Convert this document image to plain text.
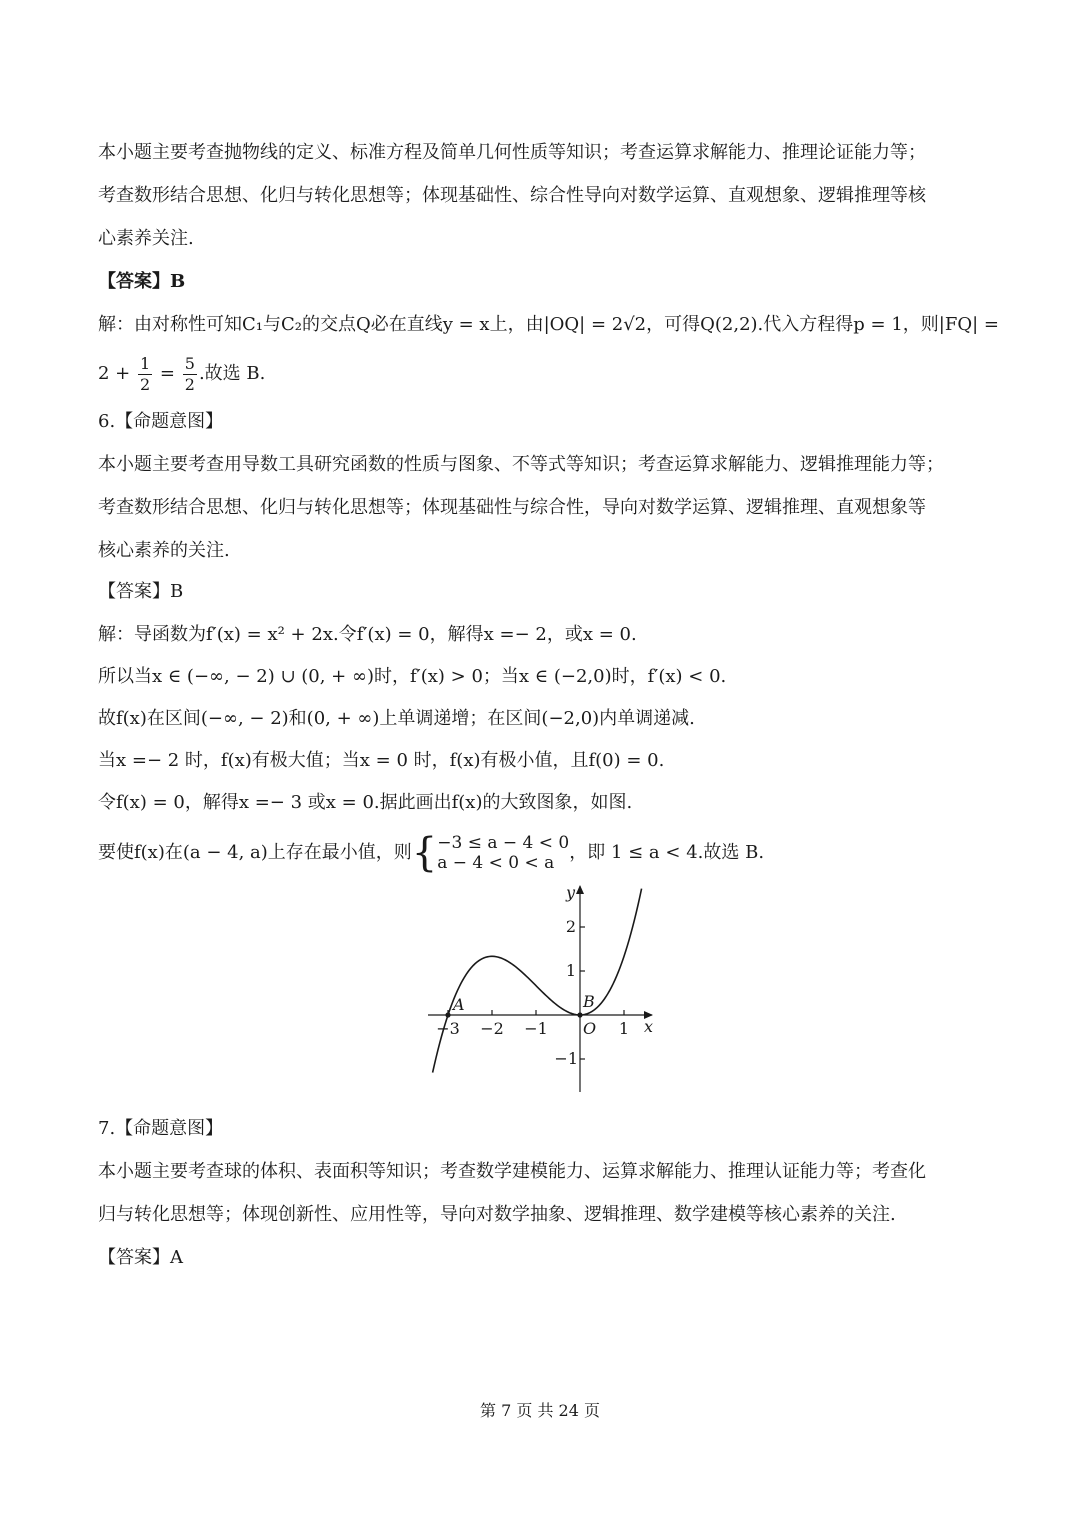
本小题主要考查抛物线的定义、标准方程及简单几何性质等知识；考查运算求解能力、推理论证能力等；

考查数形结合思想、化归与转化思想等；体现基础性、综合性导向对数学运算、直观想象、逻辑推理等核

心素养关注.

【答案】B

解：由对称性可知C₁与C₂的交点Q必在直线y = x上，由|OQ| = 2√2，可得Q(2,2).代入方程得p = 1，则|FQ| =

$2 + \frac{1}{2} = \frac{5}{2}$ .故选 B.

6.【命题意图】

本小题主要考查用导数工具研究函数的性质与图象、不等式等知识；考查运算求解能力、逻辑推理能力等；

考查数形结合思想、化归与转化思想等；体现基础性与综合性，导向对数学运算、逻辑推理、直观想象等

核心素养的关注.

【答案】B

解：导函数为f′(x) = x² + 2x.令f′(x) = 0，解得x =− 2，或x = 0.

所以当x ∈ (−∞, − 2) ∪ (0, + ∞)时，f′(x) > 0；当x ∈ (−2,0)时，f′(x) < 0.

故f(x)在区间(−∞, − 2)和(0, + ∞)上单调递增；在区间(−2,0)内单调递减.

当x =− 2 时，f(x)有极大值；当x = 0 时，f(x)有极小值，且f(0) = 0.

令f(x) = 0，解得x =− 3 或x = 0.据此画出f(x)的大致图象，如图.

要使f(x)在(a − 4, a)上存在最小值，则{ −3 ≤ a − 4 < 0
a − 4 < 0 < a ，即 1 ≤ a < 4.故选 B.

A	B
O	x
y
−3 −2 −1	1
2
1
−1

7.【命题意图】

本小题主要考查球的体积、表面积等知识；考查数学建模能力、运算求解能力、推理认证能力等；考查化

归与转化思想等；体现创新性、应用性等，导向对数学抽象、逻辑推理、数学建模等核心素养的关注.

【答案】A

第 7 页 共 24 页
